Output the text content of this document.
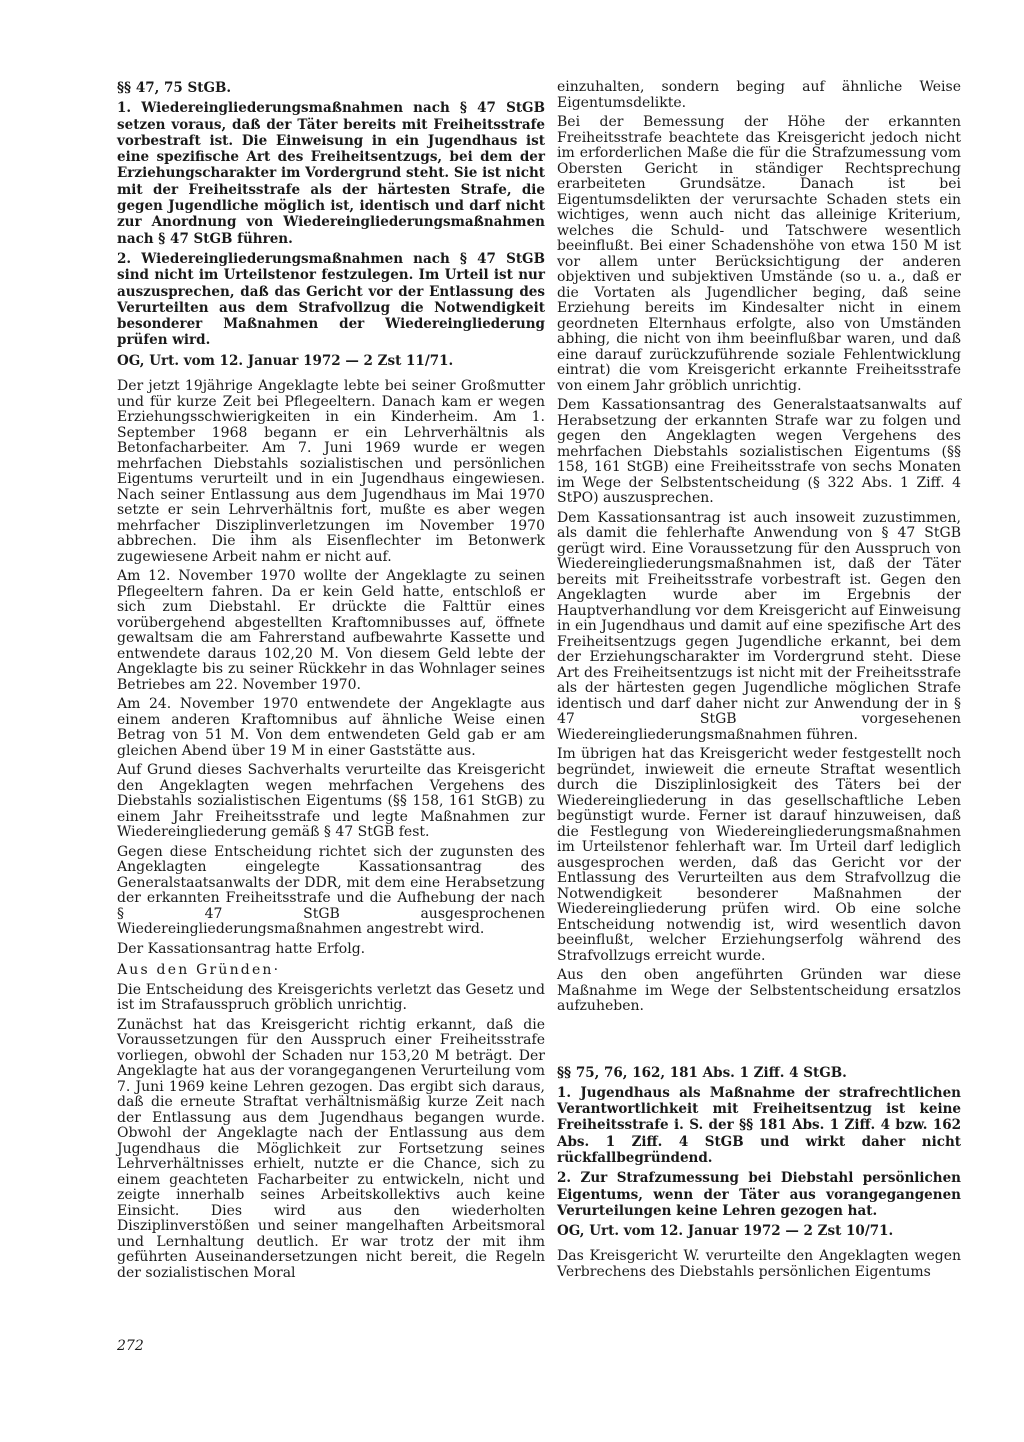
§§ 47, 75 StGB.

1. Wiedereingliederungsmaßnahmen nach § 47 StGB setzen voraus, daß der Täter bereits mit Freiheitsstrafe vorbestraft ist. Die Einweisung in ein Jugendhaus ist eine spezifische Art des Freiheitsentzugs, bei dem der Erziehungscharakter im Vordergrund steht. Sie ist nicht mit der Freiheitsstrafe als der härtesten Strafe, die gegen Jugendliche möglich ist, identisch und darf nicht zur Anordnung von Wiedereingliederungsmaßnahmen nach § 47 StGB führen.

2. Wiedereingliederungsmaßnahmen nach § 47 StGB sind nicht im Urteilstenor festzulegen. Im Urteil ist nur auszusprechen, daß das Gericht vor der Entlassung des Verurteilten aus dem Strafvollzug die Notwendigkeit besonderer Maßnahmen der Wiedereingliederung prüfen wird.

OG, Urt. vom 12. Januar 1972 — 2 Zst 11/71.

Der jetzt 19jährige Angeklagte lebte bei seiner Großmutter und für kurze Zeit bei Pflegeeltern. Danach kam er wegen Erziehungsschwierigkeiten in ein Kinderheim. Am 1. September 1968 begann er ein Lehrverhältnis als Betonfacharbeiter. Am 7. Juni 1969 wurde er wegen mehrfachen Diebstahls sozialistischen und persönlichen Eigentums verurteilt und in ein Jugendhaus eingewiesen. Nach seiner Entlassung aus dem Jugendhaus im Mai 1970 setzte er sein Lehrverhältnis fort, mußte es aber wegen mehrfacher Disziplinverletzungen im November 1970 abbrechen. Die ihm als Eisenflechter im Betonwerk zugewiesene Arbeit nahm er nicht auf.

Am 12. November 1970 wollte der Angeklagte zu seinen Pflegeeltern fahren. Da er kein Geld hatte, entschloß er sich zum Diebstahl. Er drückte die Falttür eines vorübergehend abgestellten Kraftomnibusses auf, öffnete gewaltsam die am Fahrerstand aufbewahrte Kassette und entwendete daraus 102,20 M. Von diesem Geld lebte der Angeklagte bis zu seiner Rückkehr in das Wohnlager seines Betriebes am 22. November 1970.

Am 24. November 1970 entwendete der Angeklagte aus einem anderen Kraftomnibus auf ähnliche Weise einen Betrag von 51 M. Von dem entwendeten Geld gab er am gleichen Abend über 19 M in einer Gaststätte aus.

Auf Grund dieses Sachverhalts verurteilte das Kreisgericht den Angeklagten wegen mehrfachen Vergehens des Diebstahls sozialistischen Eigentums (§§ 158, 161 StGB) zu einem Jahr Freiheitsstrafe und legte Maßnahmen zur Wiedereingliederung gemäß § 47 StGB fest.

Gegen diese Entscheidung richtet sich der zugunsten des Angeklagten eingelegte Kassationsantrag des Generalstaatsanwalts der DDR, mit dem eine Herabsetzung der erkannten Freiheitsstrafe und die Aufhebung der nach § 47 StGB ausgesprochenen Wiedereingliederungsmaßnahmen angestrebt wird.

Der Kassationsantrag hatte Erfolg.

Aus den Gründen·

Die Entscheidung des Kreisgerichts verletzt das Gesetz und ist im Strafausspruch gröblich unrichtig.

Zunächst hat das Kreisgericht richtig erkannt, daß die Voraussetzungen für den Ausspruch einer Freiheitsstrafe vorliegen, obwohl der Schaden nur 153,20 M beträgt. Der Angeklagte hat aus der vorangegangenen Verurteilung vom 7. Juni 1969 keine Lehren gezogen. Das ergibt sich daraus, daß die erneute Straftat verhältnismäßig kurze Zeit nach der Entlassung aus dem Jugendhaus begangen wurde. Obwohl der Angeklagte nach der Entlassung aus dem Jugendhaus die Möglichkeit zur Fortsetzung seines Lehrverhältnisses erhielt, nutzte er die Chance, sich zu einem geachteten Facharbeiter zu entwickeln, nicht und zeigte innerhalb seines Arbeitskollektivs auch keine Einsicht. Dies wird aus den wiederholten Disziplinverstößen und seiner mangelhaften Arbeitsmoral und Lernhaltung deutlich. Er war trotz der mit ihm geführten Auseinandersetzungen nicht bereit, die Regeln der sozialistischen Moral

einzuhalten, sondern beging auf ähnliche Weise Eigentumsdelikte.

Bei der Bemessung der Höhe der erkannten Freiheitsstrafe beachtete das Kreisgericht jedoch nicht im erforderlichen Maße die für die Strafzumessung vom Obersten Gericht in ständiger Rechtsprechung erarbeiteten Grundsätze. Danach ist bei Eigentumsdelikten der verursachte Schaden stets ein wichtiges, wenn auch nicht das alleinige Kriterium, welches die Schuld- und Tatschwere wesentlich beeinflußt. Bei einer Schadenshöhe von etwa 150 M ist vor allem unter Berücksichtigung der anderen objektiven und subjektiven Umstände (so u. a., daß er die Vortaten als Jugendlicher beging, daß seine Erziehung bereits im Kindesalter nicht in einem geordneten Elternhaus erfolgte, also von Umständen abhing, die nicht von ihm beeinflußbar waren, und daß eine darauf zurückzuführende soziale Fehlentwicklung eintrat) die vom Kreisgericht erkannte Freiheitsstrafe von einem Jahr gröblich unrichtig.

Dem Kassationsantrag des Generalstaatsanwalts auf Herabsetzung der erkannten Strafe war zu folgen und gegen den Angeklagten wegen Vergehens des mehrfachen Diebstahls sozialistischen Eigentums (§§ 158, 161 StGB) eine Freiheitsstrafe von sechs Monaten im Wege der Selbstentscheidung (§ 322 Abs. 1 Ziff. 4 StPO) auszusprechen.

Dem Kassationsantrag ist auch insoweit zuzustimmen, als damit die fehlerhafte Anwendung von § 47 StGB gerügt wird. Eine Voraussetzung für den Ausspruch von Wiedereingliederungsmaßnahmen ist, daß der Täter bereits mit Freiheitsstrafe vorbestraft ist. Gegen den Angeklagten wurde aber im Ergebnis der Hauptverhandlung vor dem Kreisgericht auf Einweisung in ein Jugendhaus und damit auf eine spezifische Art des Freiheitsentzugs gegen Jugendliche erkannt, bei dem der Erziehungscharakter im Vordergrund steht. Diese Art des Freiheitsentzugs ist nicht mit der Freiheitsstrafe als der härtesten gegen Jugendliche möglichen Strafe identisch und darf daher nicht zur Anwendung der in § 47 StGB vorgesehenen Wiedereingliederungsmaßnahmen führen.

Im übrigen hat das Kreisgericht weder festgestellt noch begründet, inwieweit die erneute Straftat wesentlich durch die Disziplinlosigkeit des Täters bei der Wiedereingliederung in das gesellschaftliche Leben begünstigt wurde. Ferner ist darauf hinzuweisen, daß die Festlegung von Wiedereingliederungsmaßnahmen im Urteilstenor fehlerhaft war. Im Urteil darf lediglich ausgesprochen werden, daß das Gericht vor der Entlassung des Verurteilten aus dem Strafvollzug die Notwendigkeit besonderer Maßnahmen der Wiedereingliederung prüfen wird. Ob eine solche Entscheidung notwendig ist, wird wesentlich davon beeinflußt, welcher Erziehungserfolg während des Strafvollzugs erreicht wurde.

Aus den oben angeführten Gründen war diese Maßnahme im Wege der Selbstentscheidung ersatzlos aufzuheben.

§§ 75, 76, 162, 181 Abs. 1 Ziff. 4 StGB.

1. Jugendhaus als Maßnahme der strafrechtlichen Verantwortlichkeit mit Freiheitsentzug ist keine Freiheitsstrafe i. S. der §§ 181 Abs. 1 Ziff. 4 bzw. 162 Abs. 1 Ziff. 4 StGB und wirkt daher nicht rückfallbegründend.

2. Zur Strafzumessung bei Diebstahl persönlichen Eigentums, wenn der Täter aus vorangegangenen Verurteilungen keine Lehren gezogen hat.

OG, Urt. vom 12. Januar 1972 — 2 Zst 10/71.

Das Kreisgericht W. verurteilte den Angeklagten wegen Verbrechens des Diebstahls persönlichen Eigentums

272
